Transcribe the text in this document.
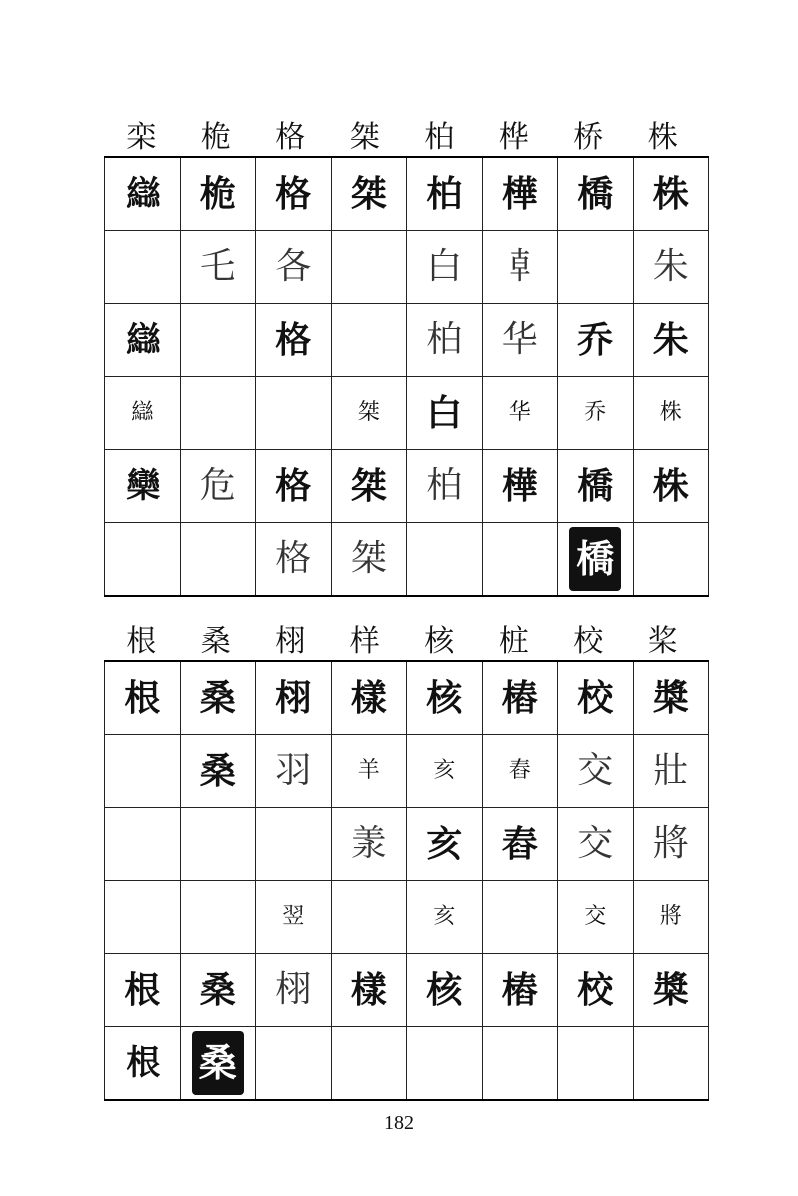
栾	桅	格	桀	柏	桦	桥	株
䜌	桅	格	桀	柏	樺	橋	株
	乇	各		白	𠦝		朱
䜌		格		柏	华	乔	朱
䜌			桀	白	华	乔	株
欒	危	格	桀	柏	樺	橋	株
		格	桀			橋	
根	桑	栩	样	核	桩	校	桨
根	桑	栩	樣	核	樁	校	槳
	桑	羽	羊	亥	舂	交	壯
			羕	亥	舂	交	將
		翌		亥		交	將
根	桑	栩	樣	核	樁	校	槳
根	桑						
182
